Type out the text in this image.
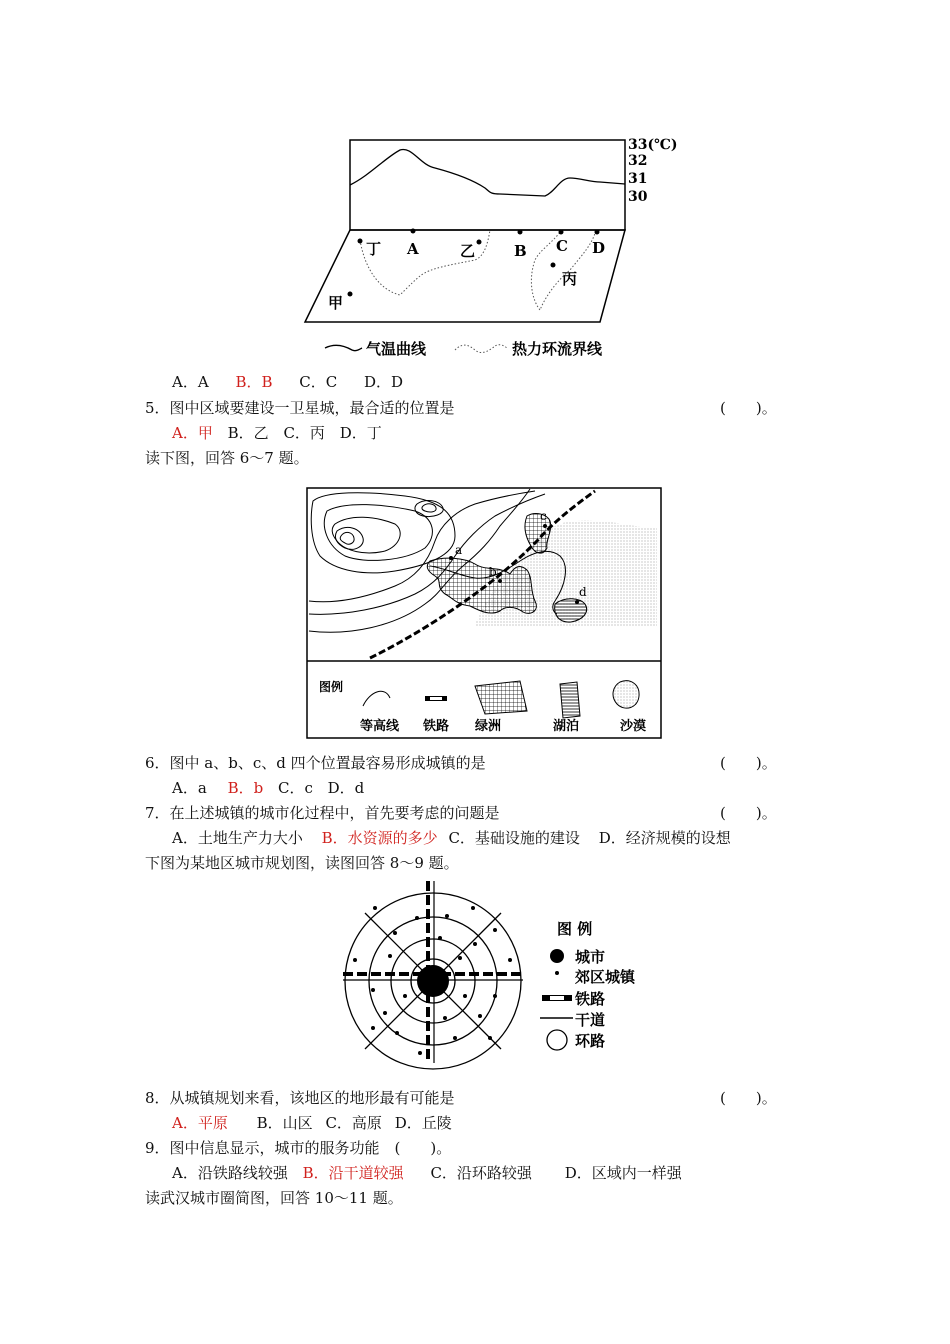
丁 A	乙	B C D
丙
甲
33(℃)
32
31
30
气温曲线	热力环流界线
A．A B．B C．C D．D
5．图中区域要建设一卫星城，最合适的位置是	(　　)。
A．甲 B．乙 C．丙 D．丁
读下图，回答 6～7 题。
a
b
c
d
图例
等高线 铁路 绿洲	湖泊	沙漠
6．图中 a、b、c、d 四个位置最容易形成城镇的是	(　　)。
A．a B．b C．c D．d
7．在上述城镇的城市化过程中，首先要考虑的问题是	(　　)。
A．土地生产力大小 B．水资源的多少 C．基础设施的建设 D．经济规模的设想
下图为某地区城市规划图，读图回答 8～9 题。
图 例
城市
郊区城镇
铁路
干道
环路
8．从城镇规划来看，该地区的地形最有可能是	(　　)。
A．平原 B．山区 C．高原 D．丘陵
9．图中信息显示，城市的服务功能　(　　)。
A．沿铁路线较强 B．沿干道较强 C．沿环路较强 D．区域内一样强
读武汉城市圈简图，回答 10～11 题。
